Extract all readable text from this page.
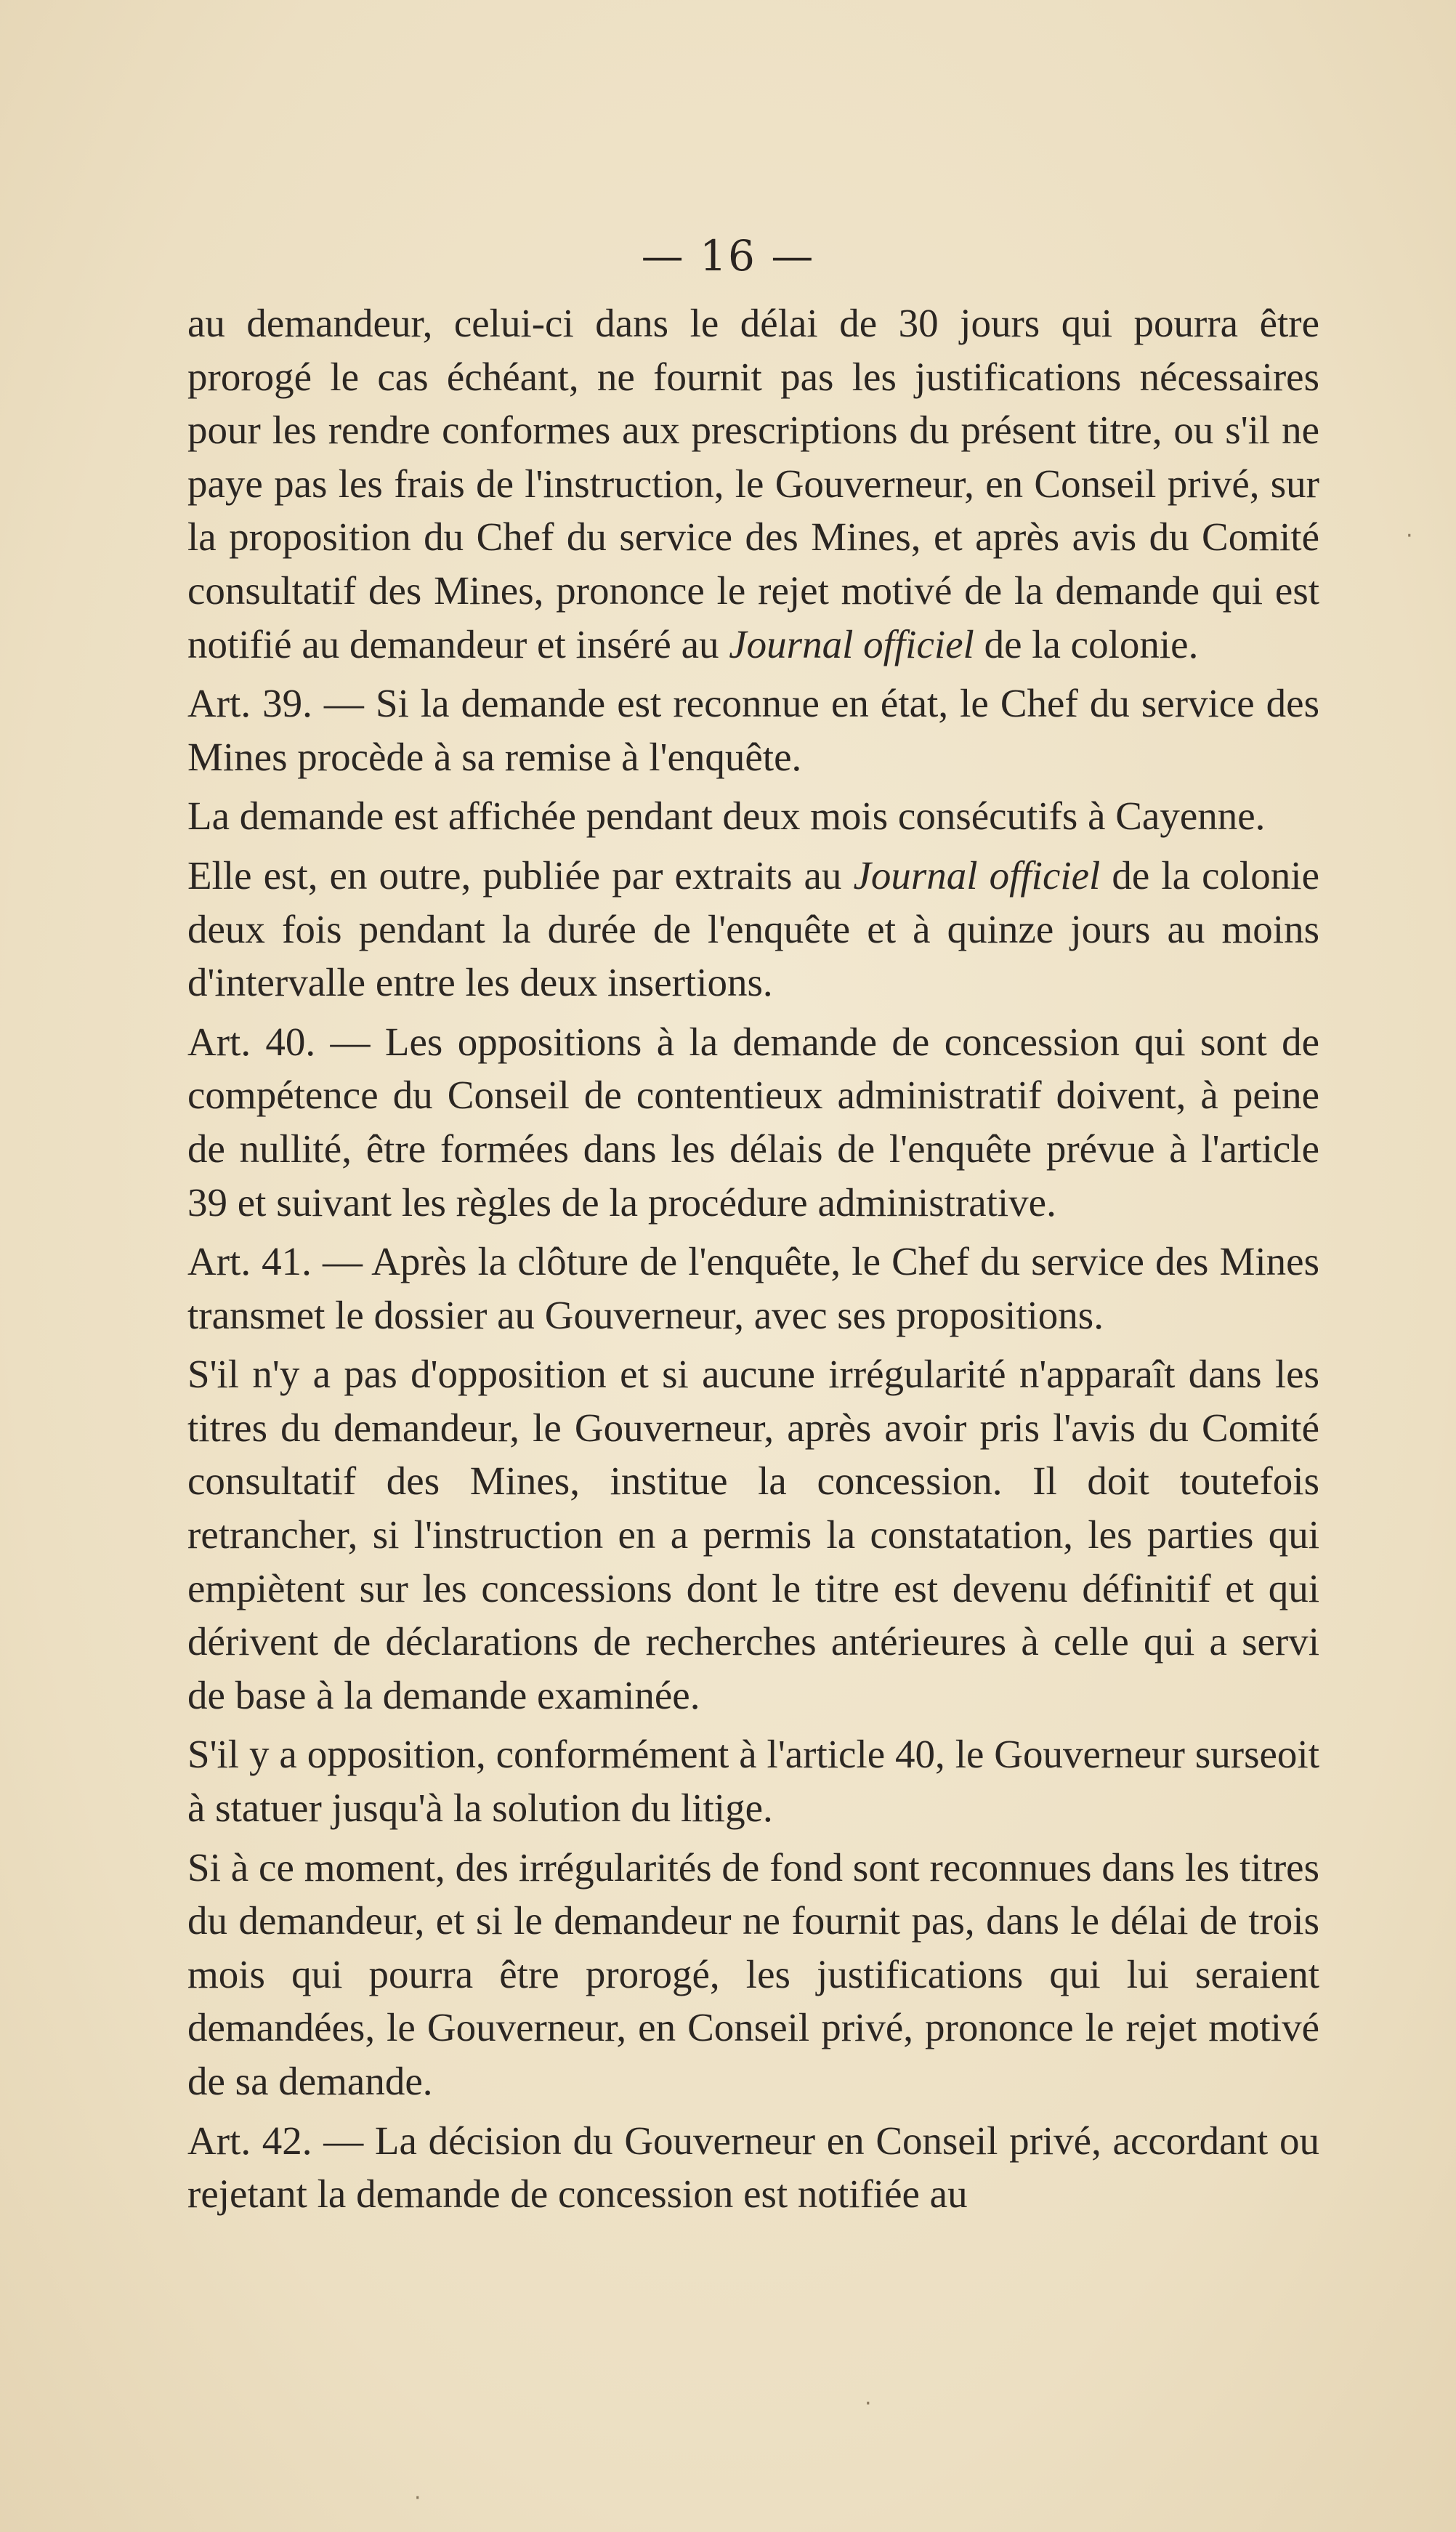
— 16 —

au demandeur, celui-ci dans le délai de 30 jours qui pourra être prorogé le cas échéant, ne fournit pas les justifications nécessaires pour les rendre conformes aux prescriptions du présent titre, ou s'il ne paye pas les frais de l'instruction, le Gouverneur, en Conseil privé, sur la proposition du Chef du service des Mines, et après avis du Comité consultatif des Mines, prononce le rejet motivé de la demande qui est notifié au demandeur et inséré au Journal officiel de la colonie.

Art. 39. — Si la demande est reconnue en état, le Chef du service des Mines procède à sa remise à l'enquête.

La demande est affichée pendant deux mois consécutifs à Cayenne.

Elle est, en outre, publiée par extraits au Journal officiel de la colonie deux fois pendant la durée de l'enquête et à quinze jours au moins d'intervalle entre les deux insertions.

Art. 40. — Les oppositions à la demande de concession qui sont de compétence du Conseil de contentieux administratif doivent, à peine de nullité, être formées dans les délais de l'enquête prévue à l'article 39 et suivant les règles de la procédure administrative.

Art. 41. — Après la clôture de l'enquête, le Chef du service des Mines transmet le dossier au Gouverneur, avec ses propositions.

S'il n'y a pas d'opposition et si aucune irrégularité n'apparaît dans les titres du demandeur, le Gouverneur, après avoir pris l'avis du Comité consultatif des Mines, institue la concession. Il doit toutefois retrancher, si l'instruction en a permis la constatation, les parties qui empiètent sur les concessions dont le titre est devenu définitif et qui dérivent de déclarations de recherches antérieures à celle qui a servi de base à la demande examinée.

S'il y a opposition, conformément à l'article 40, le Gouverneur surseoit à statuer jusqu'à la solution du litige.

Si à ce moment, des irrégularités de fond sont reconnues dans les titres du demandeur, et si le demandeur ne fournit pas, dans le délai de trois mois qui pourra être prorogé, les justifications qui lui seraient demandées, le Gouverneur, en Conseil privé, prononce le rejet motivé de sa demande.

Art. 42. — La décision du Gouverneur en Conseil privé, accordant ou rejetant la demande de concession est notifiée au

·
·
·
